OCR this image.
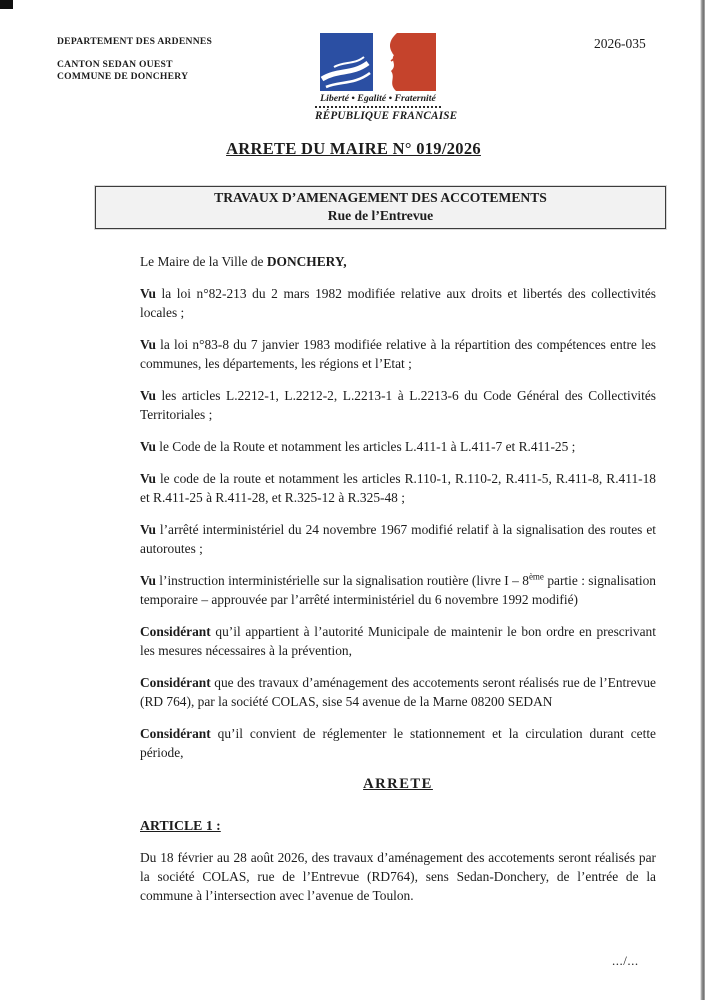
DEPARTEMENT DES ARDENNES
CANTON SEDAN OUEST
COMMUNE DE DONCHERY
2026-035
Liberté • Egalité • Fraternité
RÉPUBLIQUE FRANCAISE
ARRETE DU MAIRE N° 019/2026
TRAVAUX D’AMENAGEMENT DES ACCOTEMENTS
Rue de l’Entrevue

Le Maire de la Ville de DONCHERY,

Vu la loi n°82-213 du 2 mars 1982 modifiée relative aux droits et libertés des collectivités locales ;

Vu la loi n°83-8 du 7 janvier 1983 modifiée relative à la répartition des compétences entre les communes, les départements, les régions et l’Etat ;

Vu les articles L.2212-1, L.2212-2, L.2213-1 à L.2213-6 du Code Général des Collectivités Territoriales ;

Vu le Code de la Route et notamment les articles L.411-1 à L.411-7 et R.411-25 ;

Vu le code de la route et notamment les articles R.110-1, R.110-2, R.411-5, R.411-8, R.411-18 et R.411-25 à R.411-28, et R.325-12 à R.325-48 ;

Vu l’arrêté interministériel du 24 novembre 1967 modifié relatif à la signalisation des routes et autoroutes ;

Vu l’instruction interministérielle sur la signalisation routière (livre I – 8ème partie : signalisation temporaire – approuvée par l’arrêté interministériel du 6 novembre 1992 modifié)

Considérant qu’il appartient à l’autorité Municipale de maintenir le bon ordre en prescrivant les mesures nécessaires à la prévention,

Considérant que des travaux d’aménagement des accotements seront réalisés rue de l’Entrevue (RD 764), par la société COLAS, sise 54 avenue de la Marne 08200 SEDAN

Considérant qu’il convient de réglementer le stationnement et la circulation durant cette période,

ARRETE

ARTICLE 1 :

Du 18 février au 28 août 2026, des travaux d’aménagement des accotements seront réalisés par la société COLAS, rue de l’Entrevue (RD764), sens Sedan-Donchery, de l’entrée de la commune à l’intersection avec l’avenue de Toulon.

.../...
